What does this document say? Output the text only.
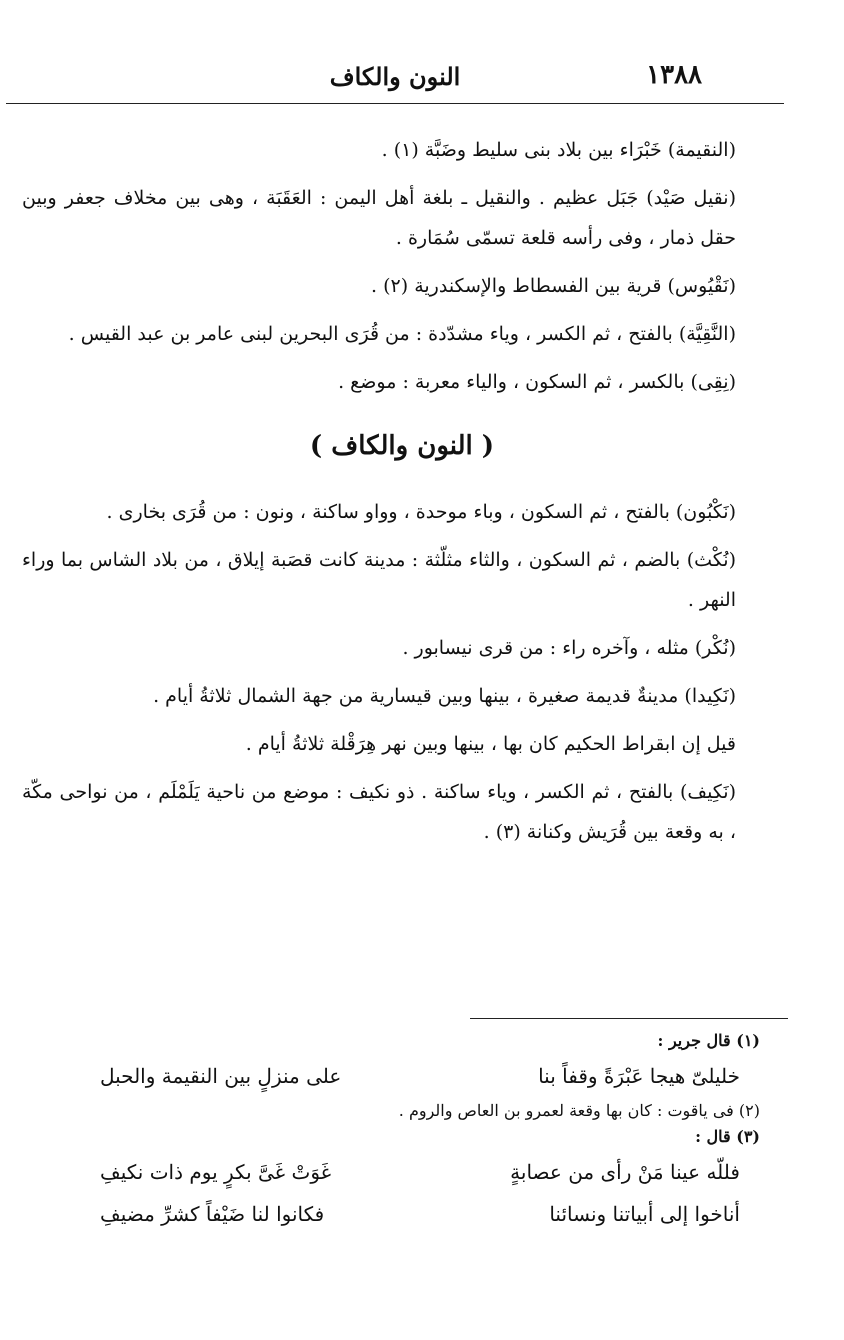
١٣٨٨
النون والكاف

(النقيمة) خَبْرَاء بين بلاد بنى سليط وضَبَّة (١) .

(نقيل صَيْد) جَبَل عظيم . والنقيل ـ بلغة أهل اليمن : العَقَبَة ، وهى بين مخلاف جعفر وبين حقل ذمار ، وفى رأسه قلعة تسمّى سُمَارة .

(نَقْيُوس) قرية بين الفسطاط والإسكندرية (٢) .

(النَّقِيَّة) بالفتح ، ثم الكسر ، وياء مشدّدة : من قُرَى البحرين لبنى عامر بن عبد القيس .

(نِقِى) بالكسر ، ثم السكون ، والياء معربة : موضع .

( النون والكاف )

(نَكْبُون) بالفتح ، ثم السكون ، وباء موحدة ، وواو ساكنة ، ونون : من قُرَى بخارى .

(نُكْث) بالضم ، ثم السكون ، والثاء مثلّثة : مدينة كانت قصَبة إيلاق ، من بلاد الشاس بما وراء النهر .

(نُكْر) مثله ، وآخره راء : من قرى نيسابور .

(نَكِيدا) مدينةٌ قديمة صغيرة ، بينها وبين قيسارية من جهة الشمال ثلاثةُ أيام .

قيل إن ابقراط الحكيم كان بها ، بينها وبين نهر هِرَقْلة ثلاثةُ أيام .

(نَكِيف) بالفتح ، ثم الكسر ، وياء ساكنة . ذو نكيف : موضع من ناحية يَلَمْلَم ، من نواحى مكّة ، به وقعة بين قُرَيش وكنانة (٣) .

(١) قال جرير :

خليلىّ هيجا عَبْرَةً وقفاً بنا
على منزلٍ بين النقيمة والحبل

(٢) فى ياقوت : كان بها وقعة لعمرو بن العاص والروم .

(٣) قال :

فللّه عينا مَنْ رأى من عصابةٍ
غَوَتْ غَىَّ بكرٍ يوم ذات نكيفِ
أناخوا إلى أبياتنا ونسائنا
فكانوا لنا ضَيْفاً كشرِّ مضيفِ
